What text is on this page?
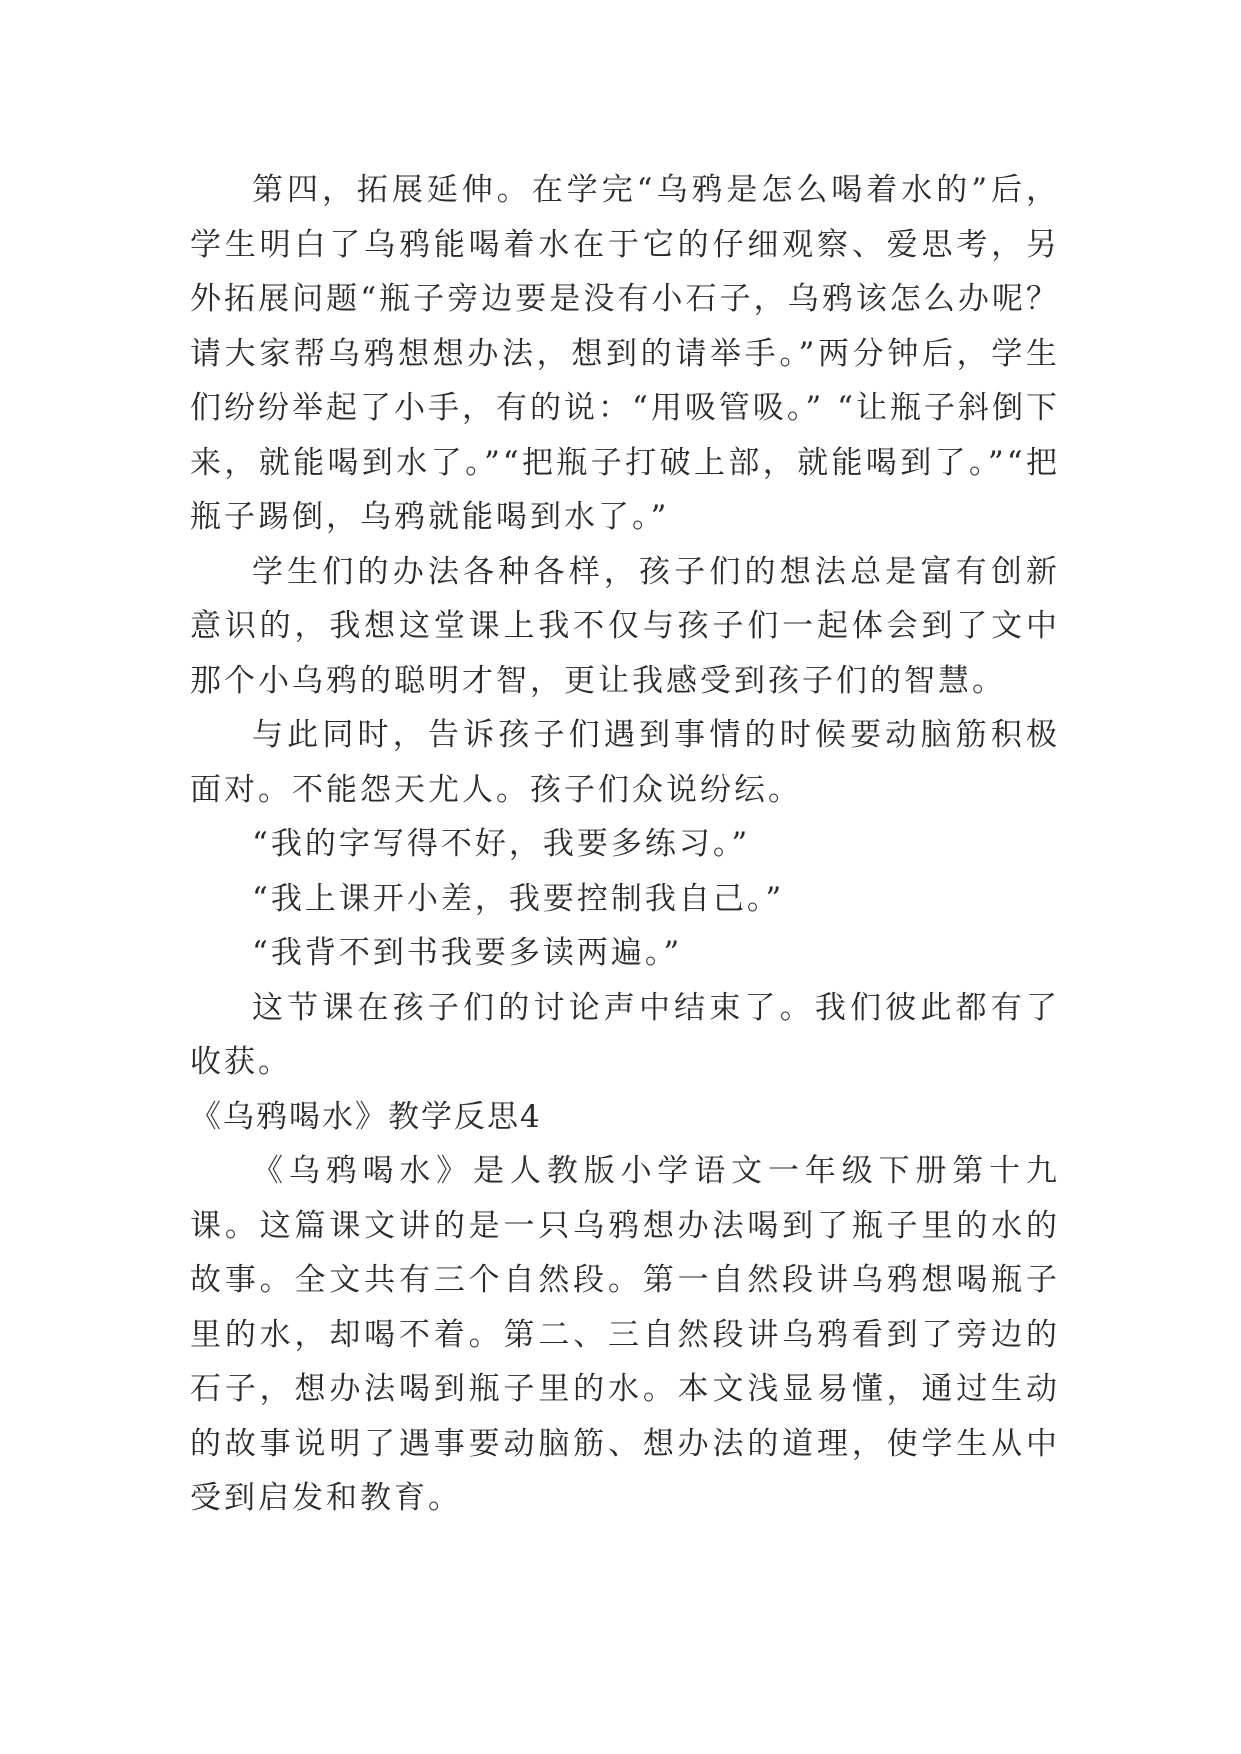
第四，拓展延伸。在学完“乌鸦是怎么喝着水的”后，学生明白了乌鸦能喝着水在于它的仔细观察、爱思考，另外拓展问题“瓶子旁边要是没有小石子，乌鸦该怎么办呢？请大家帮乌鸦想想办法，想到的请举手。”两分钟后，学生们纷纷举起了小手，有的说：“用吸管吸。” “让瓶子斜倒下来，就能喝到水了。”“把瓶子打破上部，就能喝到了。”“把瓶子踢倒，乌鸦就能喝到水了。”

学生们的办法各种各样，孩子们的想法总是富有创新意识的，我想这堂课上我不仅与孩子们一起体会到了文中那个小乌鸦的聪明才智，更让我感受到孩子们的智慧。

与此同时，告诉孩子们遇到事情的时候要动脑筋积极面对。不能怨天尤人。孩子们众说纷纭。

“我的字写得不好，我要多练习。”

“我上课开小差，我要控制我自己。”

“我背不到书我要多读两遍。”

这节课在孩子们的讨论声中结束了。我们彼此都有了收获。

《乌鸦喝水》教学反思4

《乌鸦喝水》是人教版小学语文一年级下册第十九课。这篇课文讲的是一只乌鸦想办法喝到了瓶子里的水的故事。全文共有三个自然段。第一自然段讲乌鸦想喝瓶子里的水，却喝不着。第二、三自然段讲乌鸦看到了旁边的石子，想办法喝到瓶子里的水。本文浅显易懂，通过生动的故事说明了遇事要动脑筋、想办法的道理，使学生从中受到启发和教育。
